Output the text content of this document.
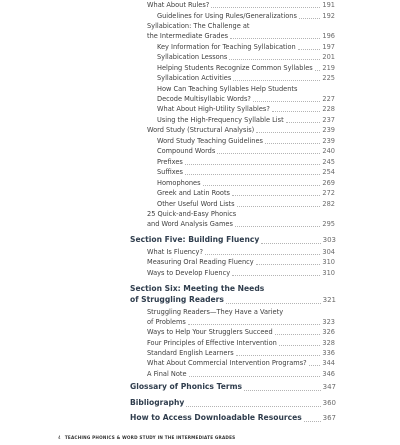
What About Rules?	191
Guidelines for Using Rules/Generalizations	192
Syllabication: The Challenge at
the Intermediate Grades	196
Key Information for Teaching Syllabication	197
Syllabication Lessons	201
Helping Students Recognize Common Syllables 219
Syllabication Activities	225
How Can Teaching Syllables Help Students
Decode Multisyllabic Words?	227
What About High-Utility Syllables?	228
Using the High-Frequency Syllable List	237
Word Study (Structural Analysis)	239
Word Study Teaching Guidelines	239
Compound Words	240
Prefixes	245
Suffixes	254
Homophones	269
Greek and Latin Roots	272
Other Useful Word Lists	282
25 Quick-and-Easy Phonics
and Word Analysis Games	295
Section Five: Building Fluency	303
What Is Fluency?	304
Measuring Oral Reading Fluency	310
Ways to Develop Fluency	310
Section Six: Meeting the Needs
of Struggling Readers	321
Struggling Readers—They Have a Variety
of Problems	323
Ways to Help Your Strugglers Succeed	326
Four Principles of Effective Intervention	328
Standard English Learners	336
What About Commercial Intervention Programs? 344
A Final Note	346
Glossary of Phonics Terms	347
Bibliography	360
How to Access Downloadable Resources	367
4 TEACHING PHONICS & WORD STUDY IN THE INTERMEDIATE GRADES
